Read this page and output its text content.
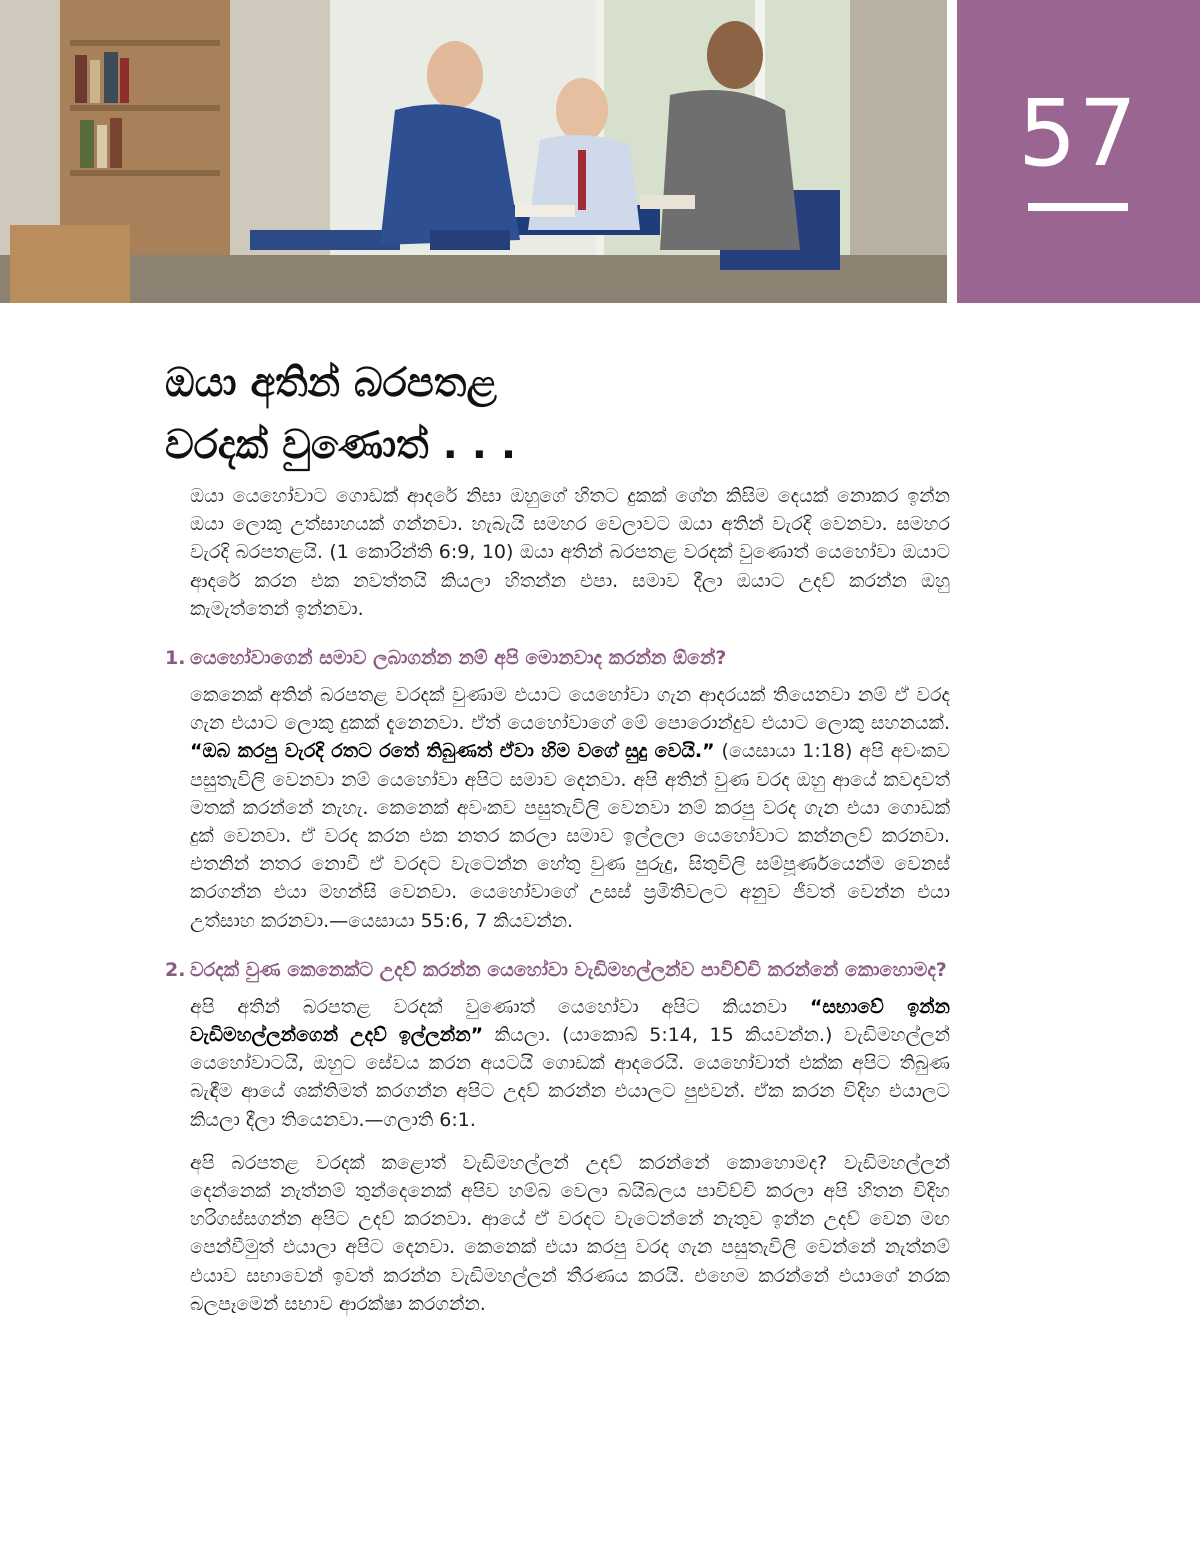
57
ඔයා අතින් බරපතළ
වරදක් වුණොත් . . .

ඔයා යෙහෝවාට ගොඩක් ආදරේ නිසා ඔහුගේ හිතට දුකක් ගේන කිසිම දෙයක් නොකර ඉන්න ඔයා ලොකු උත්සාහයක් ගන්නවා. හැබැයි සමහර වෙලාවට ඔයා අතින් වැරදි වෙනවා. සමහර වැරදි බරපතළයි. (1 කොරින්ති 6:9, 10) ඔයා අතින් බරපතළ වරදක් වුණොත් යෙහෝවා ඔයාට ආදරේ කරන එක නවත්තයි කියලා හිතන්න එපා. සමාව දීලා ඔයාට උදව් කරන්න ඔහු කැමැත්තෙන් ඉන්නවා.

1. යෙහෝවාගෙන් සමාව ලබාගන්න නම් අපි මොනවාද කරන්න ඕනේ?

කෙනෙක් අතින් බරපතළ වරදක් වුණාම එයාට යෙහෝවා ගැන ආදරයක් තියෙනවා නම් ඒ වරද ගැන එයාට ලොකු දුකක් දැනෙනවා. ඒත් යෙහෝවාගේ මේ පොරොන්දුව එයාට ලොකු සහනයක්. “ඔබ කරපු වැරදි රතට රතේ තිබුණත් ඒවා හිම වගේ සුදු වෙයි.” (යෙසායා 1:18) අපි අවංකව පසුතැවිලි වෙනවා නම් යෙහෝවා අපිට සමාව දෙනවා. අපි අතින් වුණ වරද ඔහු ආයේ කවදාවත් මතක් කරන්නේ නැහැ. කෙනෙක් අවංකව පසුතැවිලි වෙනවා නම් කරපු වරද ගැන එයා ගොඩක් දුක් වෙනවා. ඒ වරද කරන එක නතර කරලා සමාව ඉල්ලලා යෙහෝවාට කන්නලව් කරනවා. එතනින් නතර නොවී ඒ වරදට වැටෙන්න හේතු වුණ පුරුදු, සිතුවිලි සම්පූර්ණයෙන්ම වෙනස් කරගන්න එයා මහන්සි වෙනවා. යෙහෝවාගේ උසස් ප්‍රමිතිවලට අනුව ජීවත් වෙන්න එයා උත්සාහ කරනවා.—යෙසායා 55:6, 7 කියවන්න.

2. වරදක් වුණ කෙනෙක්ට උදව් කරන්න යෙහෝවා වැඩිමහල්ලන්ව පාවිච්චි කරන්නේ කොහොමද?

අපි අතින් බරපතළ වරදක් වුණොත් යෙහෝවා අපිට කියනවා “සභාවේ ඉන්න වැඩිමහල්ලන්ගෙන් උදව් ඉල්ලන්න” කියලා. (යාකොබ් 5:14, 15 කියවන්න.) වැඩිමහල්ලන් යෙහෝවාටයි, ඔහුට සේවය කරන අයටයි ගොඩක් ආදරෙයි. යෙහෝවාත් එක්ක අපිට තිබුණ බැඳීම ආයේ ශක්තිමත් කරගන්න අපිට උදව් කරන්න එයාලට පුළුවන්. ඒක කරන විදිහ එයාලට කියලා දීලා තියෙනවා.—ගලාති 6:1.

අපි බරපතළ වරදක් කළොත් වැඩිමහල්ලන් උදව් කරන්නේ කොහොමද? වැඩිමහල්ලන් දෙන්නෙක් නැත්නම් තුන්දෙනෙක් අපිව හම්බ වෙලා බයිබලය පාවිච්චි කරලා අපි හිතන විදිහ හරිගස්සගන්න අපිට උදව් කරනවා. ආයේ ඒ වරදට වැටෙන්නේ නැතුව ඉන්න උදව් වෙන මඟ පෙන්වීමුත් එයාලා අපිට දෙනවා. කෙනෙක් එයා කරපු වරද ගැන පසුතැවිලි වෙන්නේ නැත්නම් එයාව සභාවෙන් ඉවත් කරන්න වැඩිමහල්ලන් තීරණය කරයි. එහෙම කරන්නේ එයාගේ නරක බලපෑමෙන් සභාව ආරක්ෂා කරගන්න.
